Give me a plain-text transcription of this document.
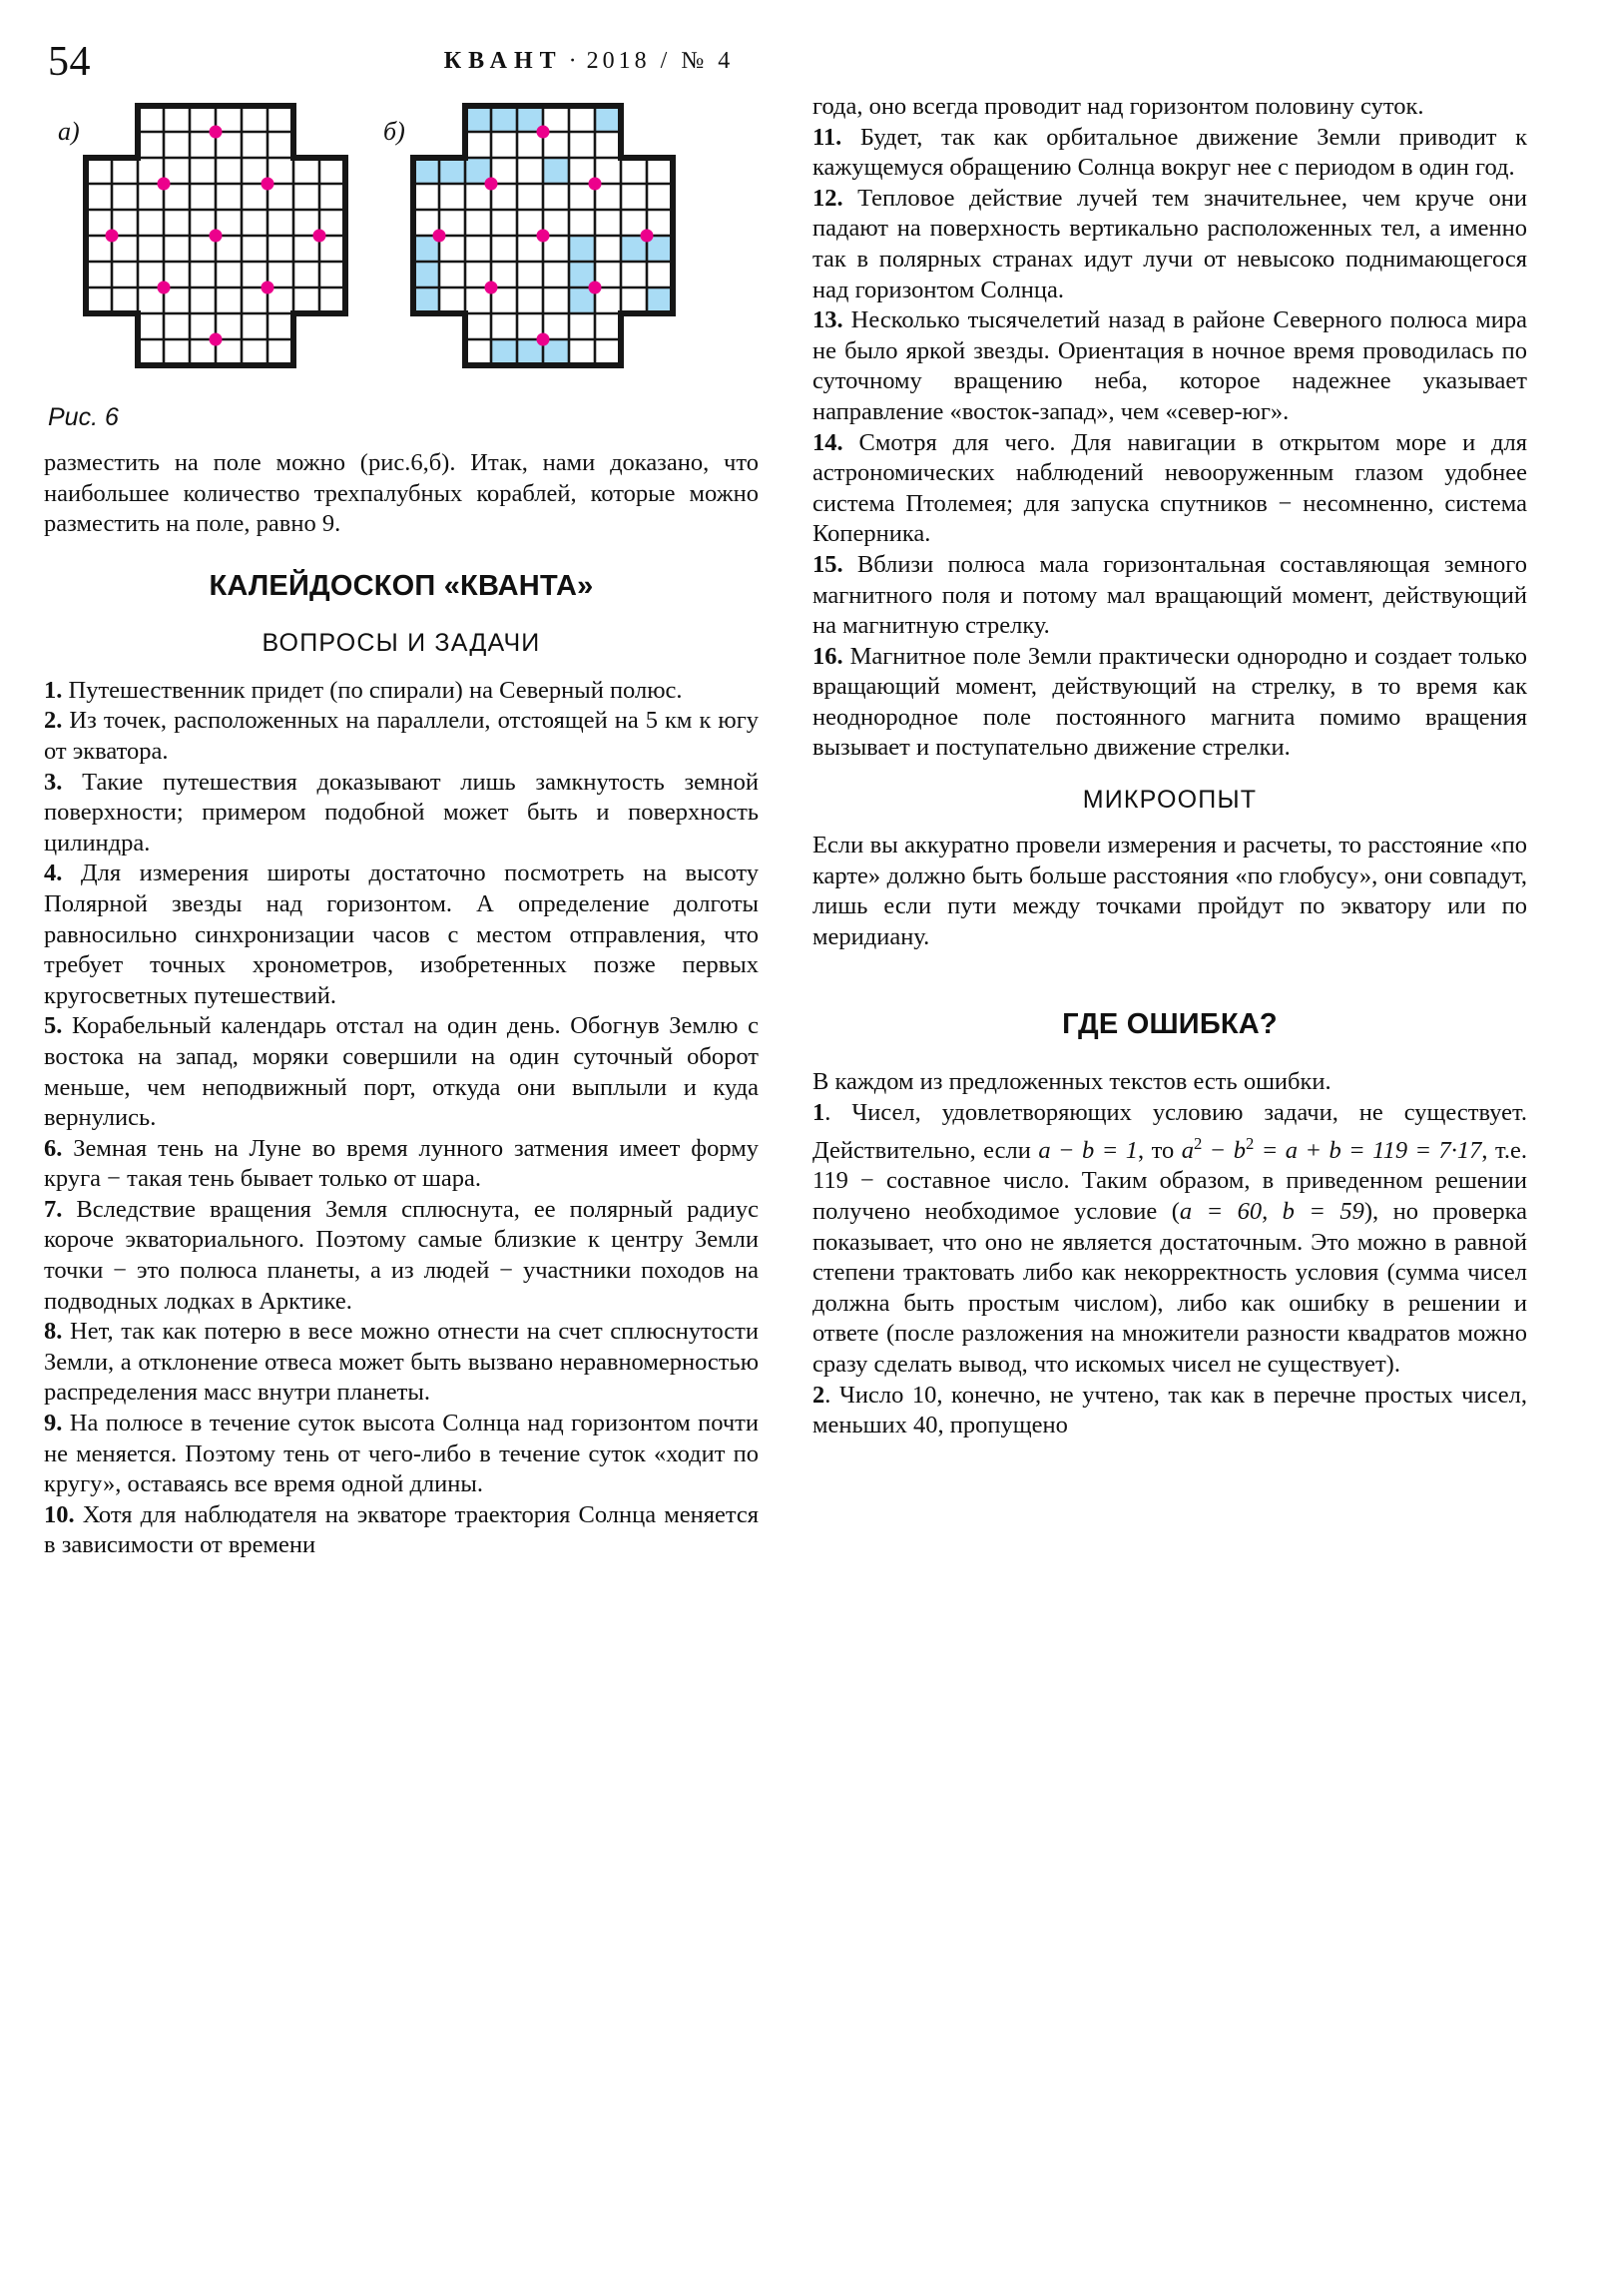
54	КВАНТ · 2018 / № 4
а)	б)
Рис. 6

разместить на поле можно (рис.6,б). Итак, нами доказано, что наибольшее количество трехпалубных кораблей, которые можно разместить на поле, равно 9.

КАЛЕЙДОСКОП «КВАНТА»
ВОПРОСЫ И ЗАДАЧИ

1. Путешественник придет (по спирали) на Северный полюс.

2. Из точек, расположенных на параллели, отстоящей на 5 км к югу от экватора.

3. Такие путешествия доказывают лишь замкнутость земной поверхности; примером подобной может быть и поверхность цилиндра.

4. Для измерения широты достаточно посмотреть на высоту Полярной звезды над горизонтом. А определение долготы равносильно синхронизации часов с местом отправления, что требует точных хронометров, изобретенных позже первых кругосветных путешествий.

5. Корабельный календарь отстал на один день. Обогнув Землю с востока на запад, моряки совершили на один суточный оборот меньше, чем неподвижный порт, откуда они выплыли и куда вернулись.

6. Земная тень на Луне во время лунного затмения имеет форму круга − такая тень бывает только от шара.

7. Вследствие вращения Земля сплюснута, ее полярный радиус короче экваториального. Поэтому самые близкие к центру Земли точки − это полюса планеты, а из людей − участники походов на подводных лодках в Арктике.

8. Нет, так как потерю в весе можно отнести на счет сплюснутости Земли, а отклонение отвеса может быть вызвано неравномерностью распределения масс внутри планеты.

9. На полюсе в течение суток высота Солнца над горизонтом почти не меняется. Поэтому тень от чего-либо в течение суток «ходит по кругу», оставаясь все время одной длины.

10. Хотя для наблюдателя на экваторе траектория Солнца меняется в зависимости от времени

года, оно всегда проводит над горизонтом половину суток.

11. Будет, так как орбитальное движение Земли приводит к кажущемуся обращению Солнца вокруг нее с периодом в один год.

12. Тепловое действие лучей тем значительнее, чем круче они падают на поверхность вертикально расположенных тел, а именно так в полярных странах идут лучи от невысоко поднимающегося над горизонтом Солнца.

13. Несколько тысячелетий назад в районе Северного полюса мира не было яркой звезды. Ориентация в ночное время проводилась по суточному вращению неба, которое надежнее указывает направление «восток-запад», чем «север-юг».

14. Смотря для чего. Для навигации в открытом море и для астрономических наблюдений невооруженным глазом удобнее система Птолемея; для запуска спутников − несомненно, система Коперника.

15. Вблизи полюса мала горизонтальная составляющая земного магнитного поля и потому мал вращающий момент, действующий на магнитную стрелку.

16. Магнитное поле Земли практически однородно и создает только вращающий момент, действующий на стрелку, в то время как неоднородное поле постоянного магнита помимо вращения вызывает и поступательно движение стрелки.

МИКРООПЫТ

Если вы аккуратно провели измерения и расчеты, то расстояние «по карте» должно быть больше расстояния «по глобусу», они совпадут, лишь если пути между точками пройдут по экватору или по меридиану.

ГДЕ ОШИБКА?

В каждом из предложенных текстов есть ошибки.

1. Чисел, удовлетворяющих условию задачи, не существует. Действительно, если a − b = 1, то $a^2 - b^2 = a + b = 119 = 7\cdot 17$, т.е. 119 − составное число. Таким образом, в приведенном решении получено необходимое условие (a = 60, b = 59), но проверка показывает, что оно не является достаточным. Это можно в равной степени трактовать либо как некорректность условия (сумма чисел должна быть простым числом), либо как ошибку в решении и ответе (после разложения на множители разности квадратов можно сразу сделать вывод, что искомых чисел не существует).

2. Число 10, конечно, не учтено, так как в перечне простых чисел, меньших 40, пропущено
